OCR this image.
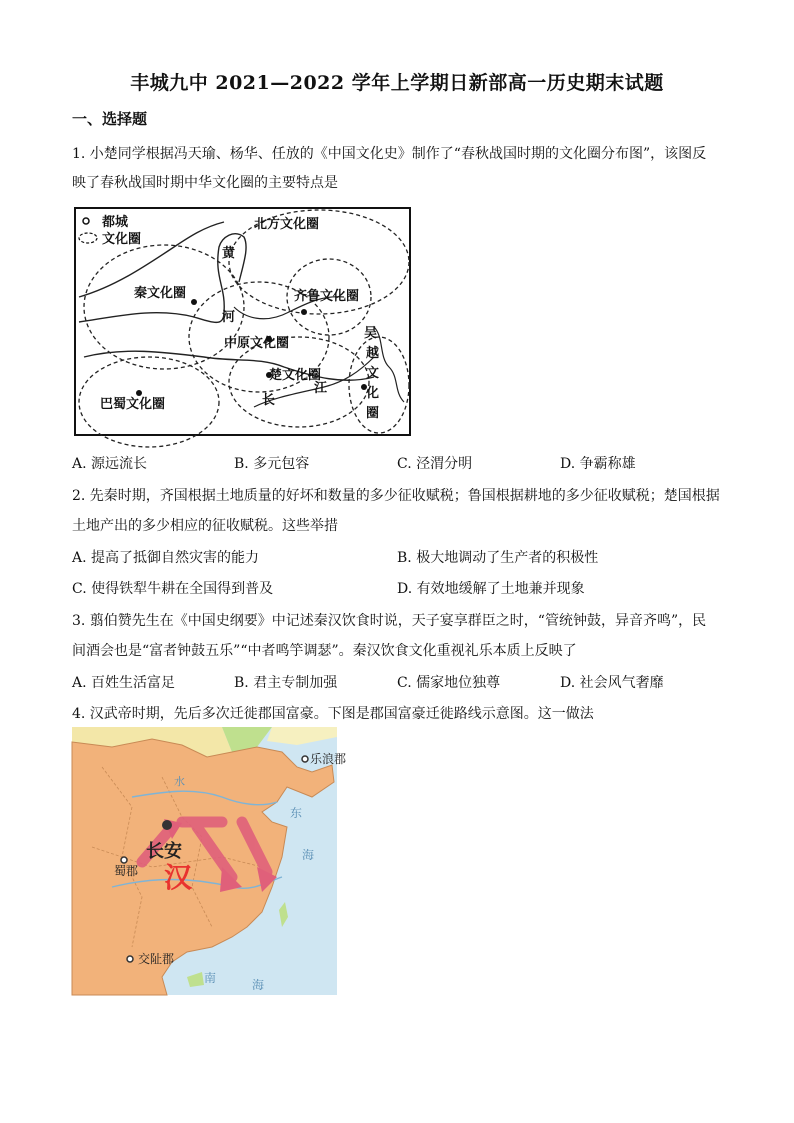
丰城九中 2021—2022 学年上学期日新部高一历史期末试题
一、选择题
1. 小楚同学根据冯天瑜、杨华、任放的《中国文化史》制作了“春秋战国时期的文化圈分布图”，该图反
映了春秋战国时期中华文化圈的主要特点是
都城
文化圈
北方文化圈
秦文化圈	齐鲁文化圈
中原文化圈
楚文化圈
巴蜀文化圈
黄
河
长
江
吴
越
文
化
圈
A. 源远流长	B. 多元包容	C. 泾渭分明	D. 争霸称雄
2. 先秦时期，齐国根据土地质量的好坏和数量的多少征收赋税；鲁国根据耕地的多少征收赋税；楚国根据
土地产出的多少相应的征收赋税。这些举措
A. 提高了抵御自然灾害的能力	B. 极大地调动了生产者的积极性
C. 使得铁犁牛耕在全国得到普及	D. 有效地缓解了土地兼并现象
3. 翦伯赞先生在《中国史纲要》中记述秦汉饮食时说，天子宴享群臣之时，“管统钟鼓，异音齐鸣”，民
间酒会也是“富者钟鼓五乐”“中者鸣竽调瑟”。秦汉饮食文化重视礼乐本质上反映了
A. 百姓生活富足	B. 君主专制加强	C. 儒家地位独尊	D. 社会风气奢靡
4. 汉武帝时期，先后多次迁徙郡国富豪。下图是郡国富豪迁徙路线示意图。这一做法
乐浪郡
长安
汉
蜀郡
交阯郡
东
海
南	海
水
